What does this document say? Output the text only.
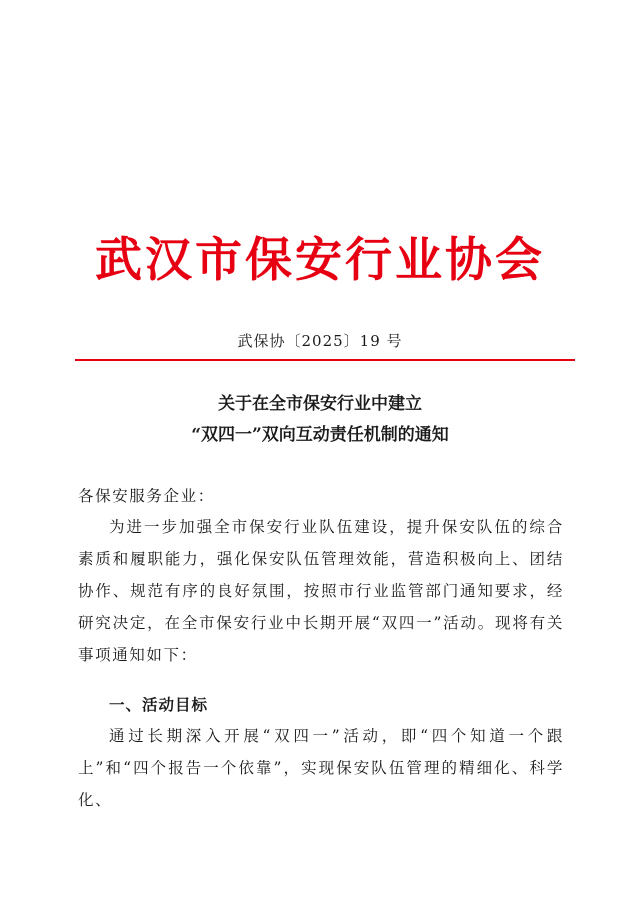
武汉市保安行业协会
武保协〔2025〕19 号
关于在全市保安行业中建立
“双四一”双向互动责任机制的通知
各保安服务企业：
为进一步加强全市保安行业队伍建设，提升保安队伍的综合素质和履职能力，强化保安队伍管理效能，营造积极向上、团结协作、规范有序的良好氛围，按照市行业监管部门通知要求，经研究决定，在全市保安行业中长期开展“双四一”活动。现将有关事项通知如下：
一、活动目标
通过长期深入开展“双四一”活动，即“四个知道一个跟上”和“四个报告一个依靠”，实现保安队伍管理的精细化、科学化、
